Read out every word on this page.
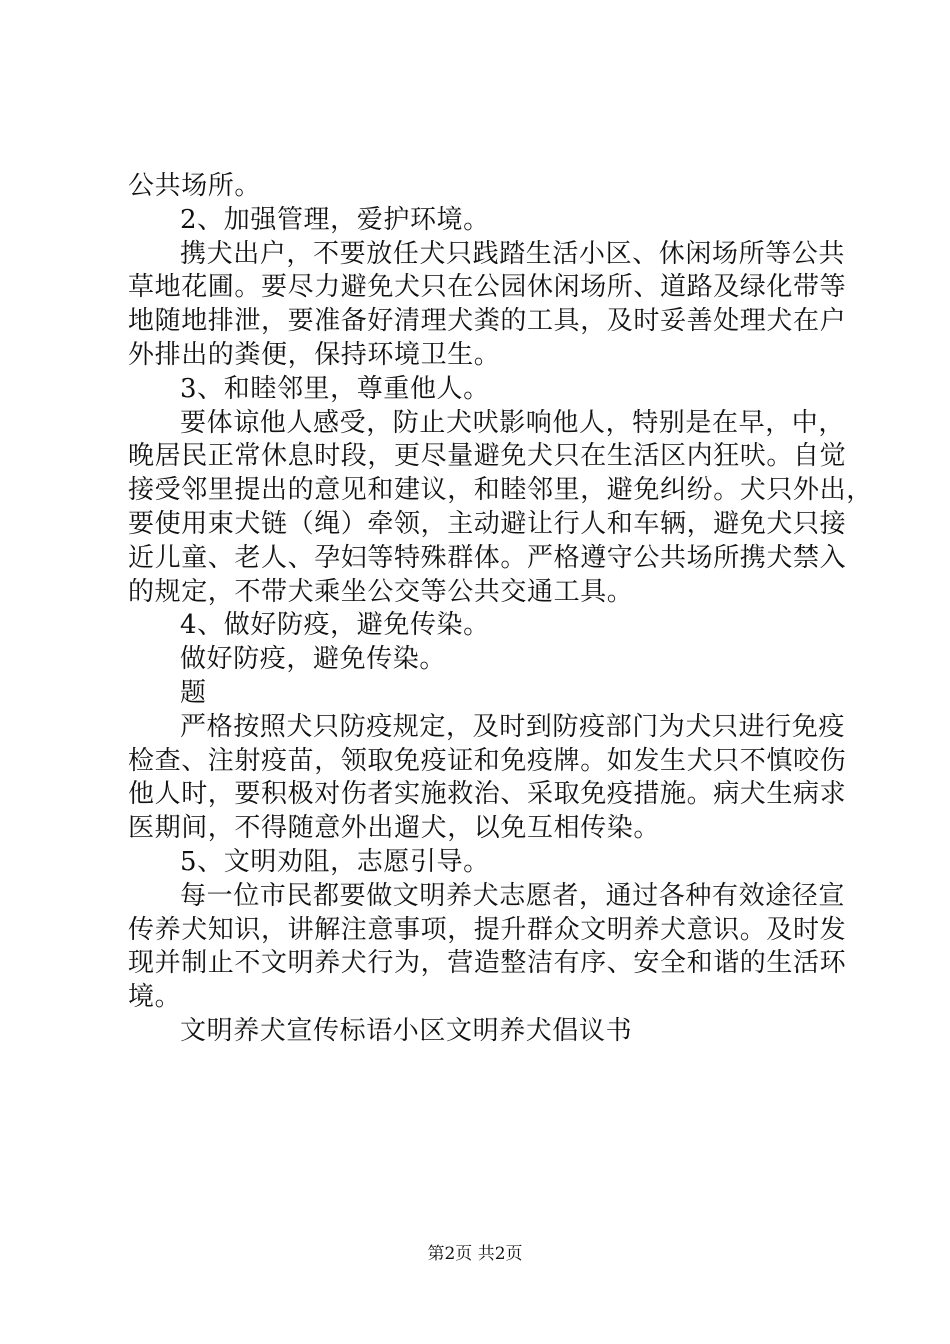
公共场所。
2、加强管理，爱护环境。
携犬出户，不要放任犬只践踏生活小区、休闲场所等公共
草地花圃。要尽力避免犬只在公园休闲场所、道路及绿化带等
地随地排泄，要准备好清理犬粪的工具，及时妥善处理犬在户
外排出的粪便，保持环境卫生。
3、和睦邻里，尊重他人。
要体谅他人感受，防止犬吠影响他人，特别是在早，中，
晚居民正常休息时段，更尽量避免犬只在生活区内狂吠。自觉
接受邻里提出的意见和建议，和睦邻里，避免纠纷。犬只外出，
要使用束犬链（绳）牵领，主动避让行人和车辆，避免犬只接
近儿童、老人、孕妇等特殊群体。严格遵守公共场所携犬禁入
的规定，不带犬乘坐公交等公共交通工具。
4、做好防疫，避免传染。
做好防疫，避免传染。
题
严格按照犬只防疫规定，及时到防疫部门为犬只进行免疫
检查、注射疫苗，领取免疫证和免疫牌。如发生犬只不慎咬伤
他人时，要积极对伤者实施救治、采取免疫措施。病犬生病求
医期间，不得随意外出遛犬，以免互相传染。
5、文明劝阻，志愿引导。
每一位市民都要做文明养犬志愿者，通过各种有效途径宣
传养犬知识，讲解注意事项，提升群众文明养犬意识。及时发
现并制止不文明养犬行为，营造整洁有序、安全和谐的生活环
境。
文明养犬宣传标语小区文明养犬倡议书
第2页 共2页
